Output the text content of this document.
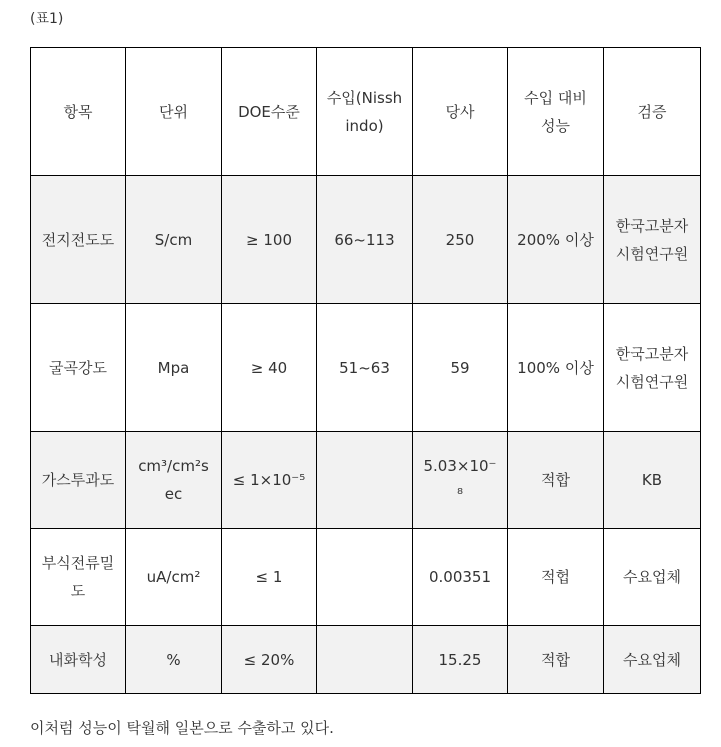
(표1)
항목	단위	DOE수준	수입(Nisshindo)	당사	수입 대비 성능	검증
전지전도도	S/cm	≥ 100	66~113	250	200% 이상	한국고분자시험연구원
굴곡강도	Mpa	≥ 40	51~63	59	100% 이상	한국고분자시험연구원
가스투과도	cm³/cm²sec	≤ 1×10⁻⁵		5.03×10⁻⁸	적합	KB
부식전류밀도	uA/cm²	≤ 1		0.00351	적헙	수요업체
내화학성	%	≤ 20%		15.25	적합	수요업체
이처럼 성능이 탁월해 일본으로 수출하고 있다.
